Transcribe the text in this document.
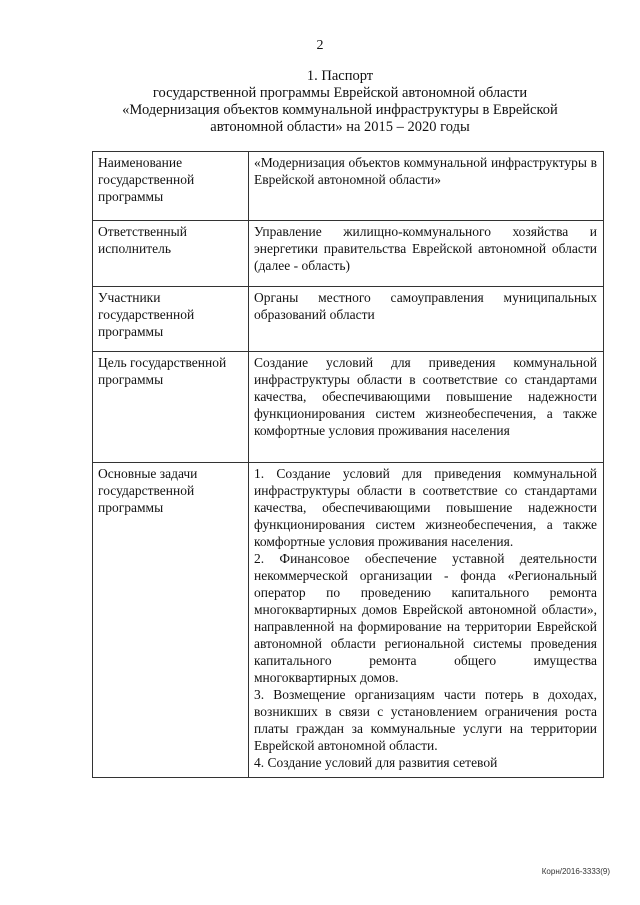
2
1. Паспорт
государственной программы Еврейской автономной области
«Модернизация объектов коммунальной инфраструктуры в Еврейской
автономной области» на 2015 – 2020 годы
Наименование государственной программы	«Модернизация объектов коммунальной инфраструктуры в Еврейской автономной области»
Ответственный исполнитель	Управление жилищно-коммунального хозяйства и энергетики правительства Еврейской автономной области (далее - область)
Участники государственной программы	Органы местного самоуправления муниципальных образований области
Цель государственной программы	Создание условий для приведения коммунальной инфраструктуры области в соответствие со стандартами качества, обеспечивающими повышение надежности функционирования систем жизнеобеспечения, а также комфортные условия проживания населения
Основные задачи государственной программы	1. Создание условий для приведения коммунальной инфраструктуры области в соответствие со стандартами качества, обеспечивающими повышение надежности функционирования систем жизнеобеспечения, а также комфортные условия проживания населения.
2. Финансовое обеспечение уставной деятельности некоммерческой организации - фонда «Региональный оператор по проведению капитального ремонта многоквартирных домов Еврейской автономной области», направленной на формирование на территории Еврейской автономной области региональной системы проведения капитального ремонта общего имущества многоквартирных домов.
3. Возмещение организациям части потерь в доходах, возникших в связи с установлением ограничения роста платы граждан за коммунальные услуги на территории Еврейской автономной области.
4. Создание условий для развития сетевой
Корн/2016-3333(9)
